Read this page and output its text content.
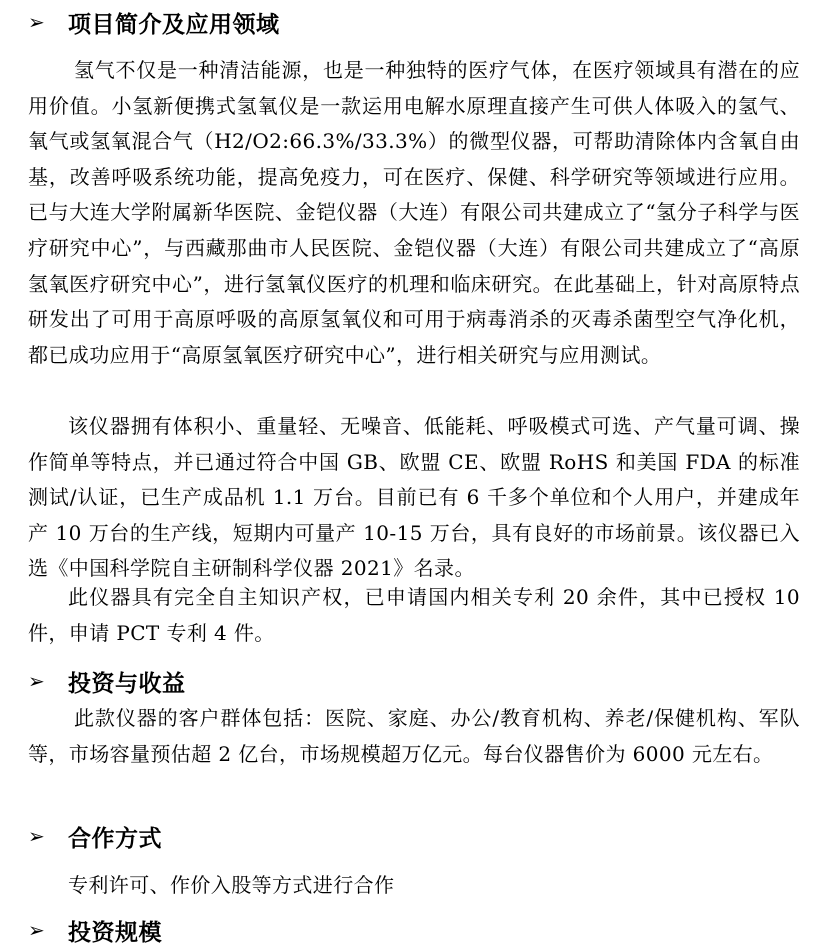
➢ 项目简介及应用领域

氢气不仅是一种清洁能源，也是一种独特的医疗气体，在医疗领域具有潜在的应用价值。小氢新便携式氢氧仪是一款运用电解水原理直接产生可供人体吸入的氢气、氧气或氢氧混合气（H2/O2:66.3%/33.3%）的微型仪器，可帮助清除体内含氧自由基，改善呼吸系统功能，提高免疫力，可在医疗、保健、科学研究等领域进行应用。已与大连大学附属新华医院、金铠仪器（大连）有限公司共建成立了“氢分子科学与医疗研究中心”，与西藏那曲市人民医院、金铠仪器（大连）有限公司共建成立了“高原氢氧医疗研究中心”，进行氢氧仪医疗的机理和临床研究。在此基础上，针对高原特点研发出了可用于高原呼吸的高原氢氧仪和可用于病毒消杀的灭毒杀菌型空气净化机，都已成功应用于“高原氢氧医疗研究中心”，进行相关研究与应用测试。

该仪器拥有体积小、重量轻、无噪音、低能耗、呼吸模式可选、产气量可调、操作简单等特点，并已通过符合中国 GB、欧盟 CE、欧盟 RoHS 和美国 FDA 的标准测试/认证，已生产成品机 1.1 万台。目前已有 6 千多个单位和个人用户，并建成年产 10 万台的生产线，短期内可量产 10-15 万台，具有良好的市场前景。该仪器已入选《中国科学院自主研制科学仪器 2021》名录。

此仪器具有完全自主知识产权，已申请国内相关专利 20 余件，其中已授权 10 件，申请 PCT 专利 4 件。

➢ 投资与收益

此款仪器的客户群体包括：医院、家庭、办公/教育机构、养老/保健机构、军队等，市场容量预估超 2 亿台，市场规模超万亿元。每台仪器售价为 6000 元左右。

➢ 合作方式

专利许可、作价入股等方式进行合作

➢ 投资规模
